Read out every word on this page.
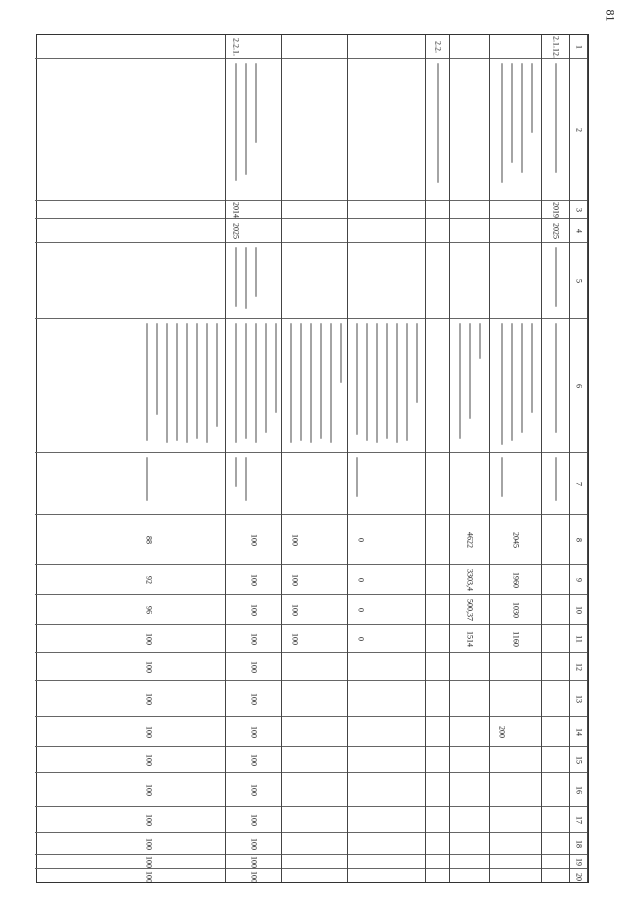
81
1
2
3
4
5
6
7
8
9
10
11
12
13
14
15
16
17
18
19
20
2.1.12.
2019
2025
2045
1960
1030
1160
200
4622
3303,4
500,37
1514
2.2.
0
0
0
0
100
100
100
100
2.2.1.
2014
2025
100
100
100
100
100
100
100
100
100
100
100
100
100
88
92
96
100
100
100
100
100
100
100
100
100
100
